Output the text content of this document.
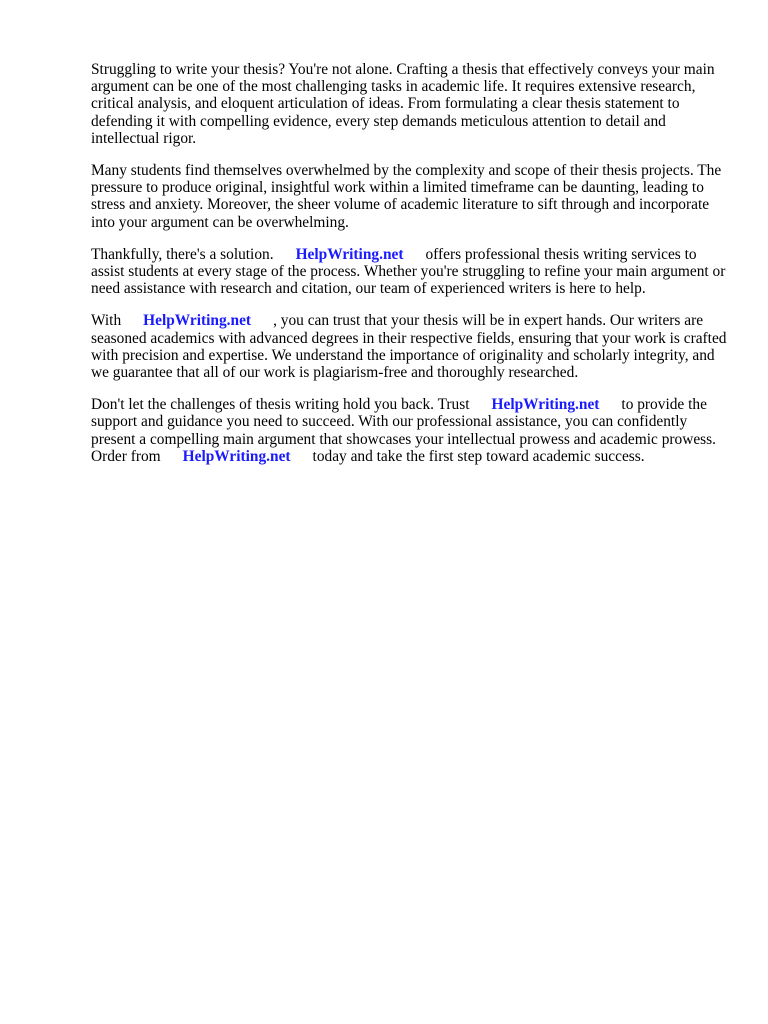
Struggling to write your thesis? You're not alone. Crafting a thesis that effectively conveys your main argument can be one of the most challenging tasks in academic life. It requires extensive research, critical analysis, and eloquent articulation of ideas. From formulating a clear thesis statement to defending it with compelling evidence, every step demands meticulous attention to detail and intellectual rigor.

Many students find themselves overwhelmed by the complexity and scope of their thesis projects. The pressure to produce original, insightful work within a limited timeframe can be daunting, leading to stress and anxiety. Moreover, the sheer volume of academic literature to sift through and incorporate into your argument can be overwhelming.

Thankfully, there's a solution. HelpWriting.net offers professional thesis writing services to assist students at every stage of the process. Whether you're struggling to refine your main argument or need assistance with research and citation, our team of experienced writers is here to help.

With HelpWriting.net , you can trust that your thesis will be in expert hands. Our writers are seasoned academics with advanced degrees in their respective fields, ensuring that your work is crafted with precision and expertise. We understand the importance of originality and scholarly integrity, and we guarantee that all of our work is plagiarism-free and thoroughly researched.

Don't let the challenges of thesis writing hold you back. Trust HelpWriting.net to provide the support and guidance you need to succeed. With our professional assistance, you can confidently present a compelling main argument that showcases your intellectual prowess and academic prowess. Order from HelpWriting.net today and take the first step toward academic success.
